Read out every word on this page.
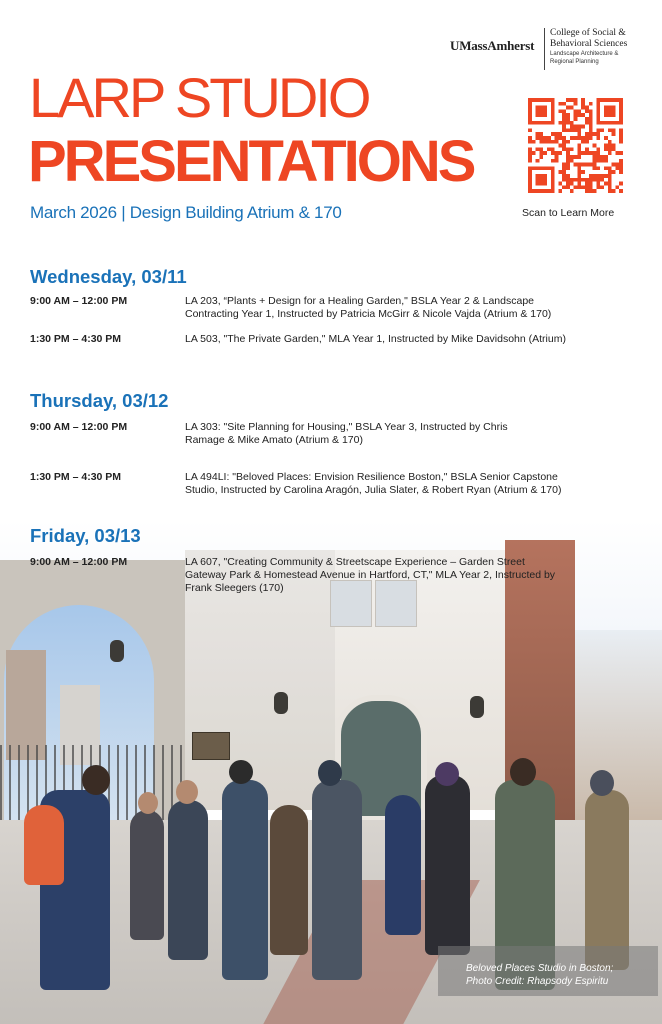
Beloved Places Studio in Boston;
Photo Credit: Rhapsody Espiritu
UMassAmherst
College of Social &
Behavioral Sciences
Landscape Architecture &
Regional Planning
LARP STUDIO
PRESENTATIONS
March 2026 | Design Building Atrium & 170	Scan to Learn More
Wednesday, 03/11
9:00 AM – 12:00 PM	LA 203, “Plants + Design for a Healing Garden," BSLA Year 2 & Landscape
Contracting Year 1, Instructed by Patricia McGirr & Nicole Vajda (Atrium & 170)
1:30 PM – 4:30 PM	LA 503, "The Private Garden," MLA Year 1, Instructed by Mike Davidsohn (Atrium)
Thursday, 03/12
9:00 AM – 12:00 PM	LA 303: "Site Planning for Housing," BSLA Year 3, Instructed by Chris
Ramage & Mike Amato (Atrium & 170)
1:30 PM – 4:30 PM	LA 494LI: "Beloved Places: Envision Resilience Boston," BSLA Senior Capstone
Studio, Instructed by Carolina Aragón, Julia Slater, & Robert Ryan (Atrium & 170)
Friday, 03/13
9:00 AM – 12:00 PM	LA 607, "Creating Community & Streetscape Experience – Garden Street
Gateway Park & Homestead Avenue in Hartford, CT," MLA Year 2, Instructed by
Frank Sleegers (170)
